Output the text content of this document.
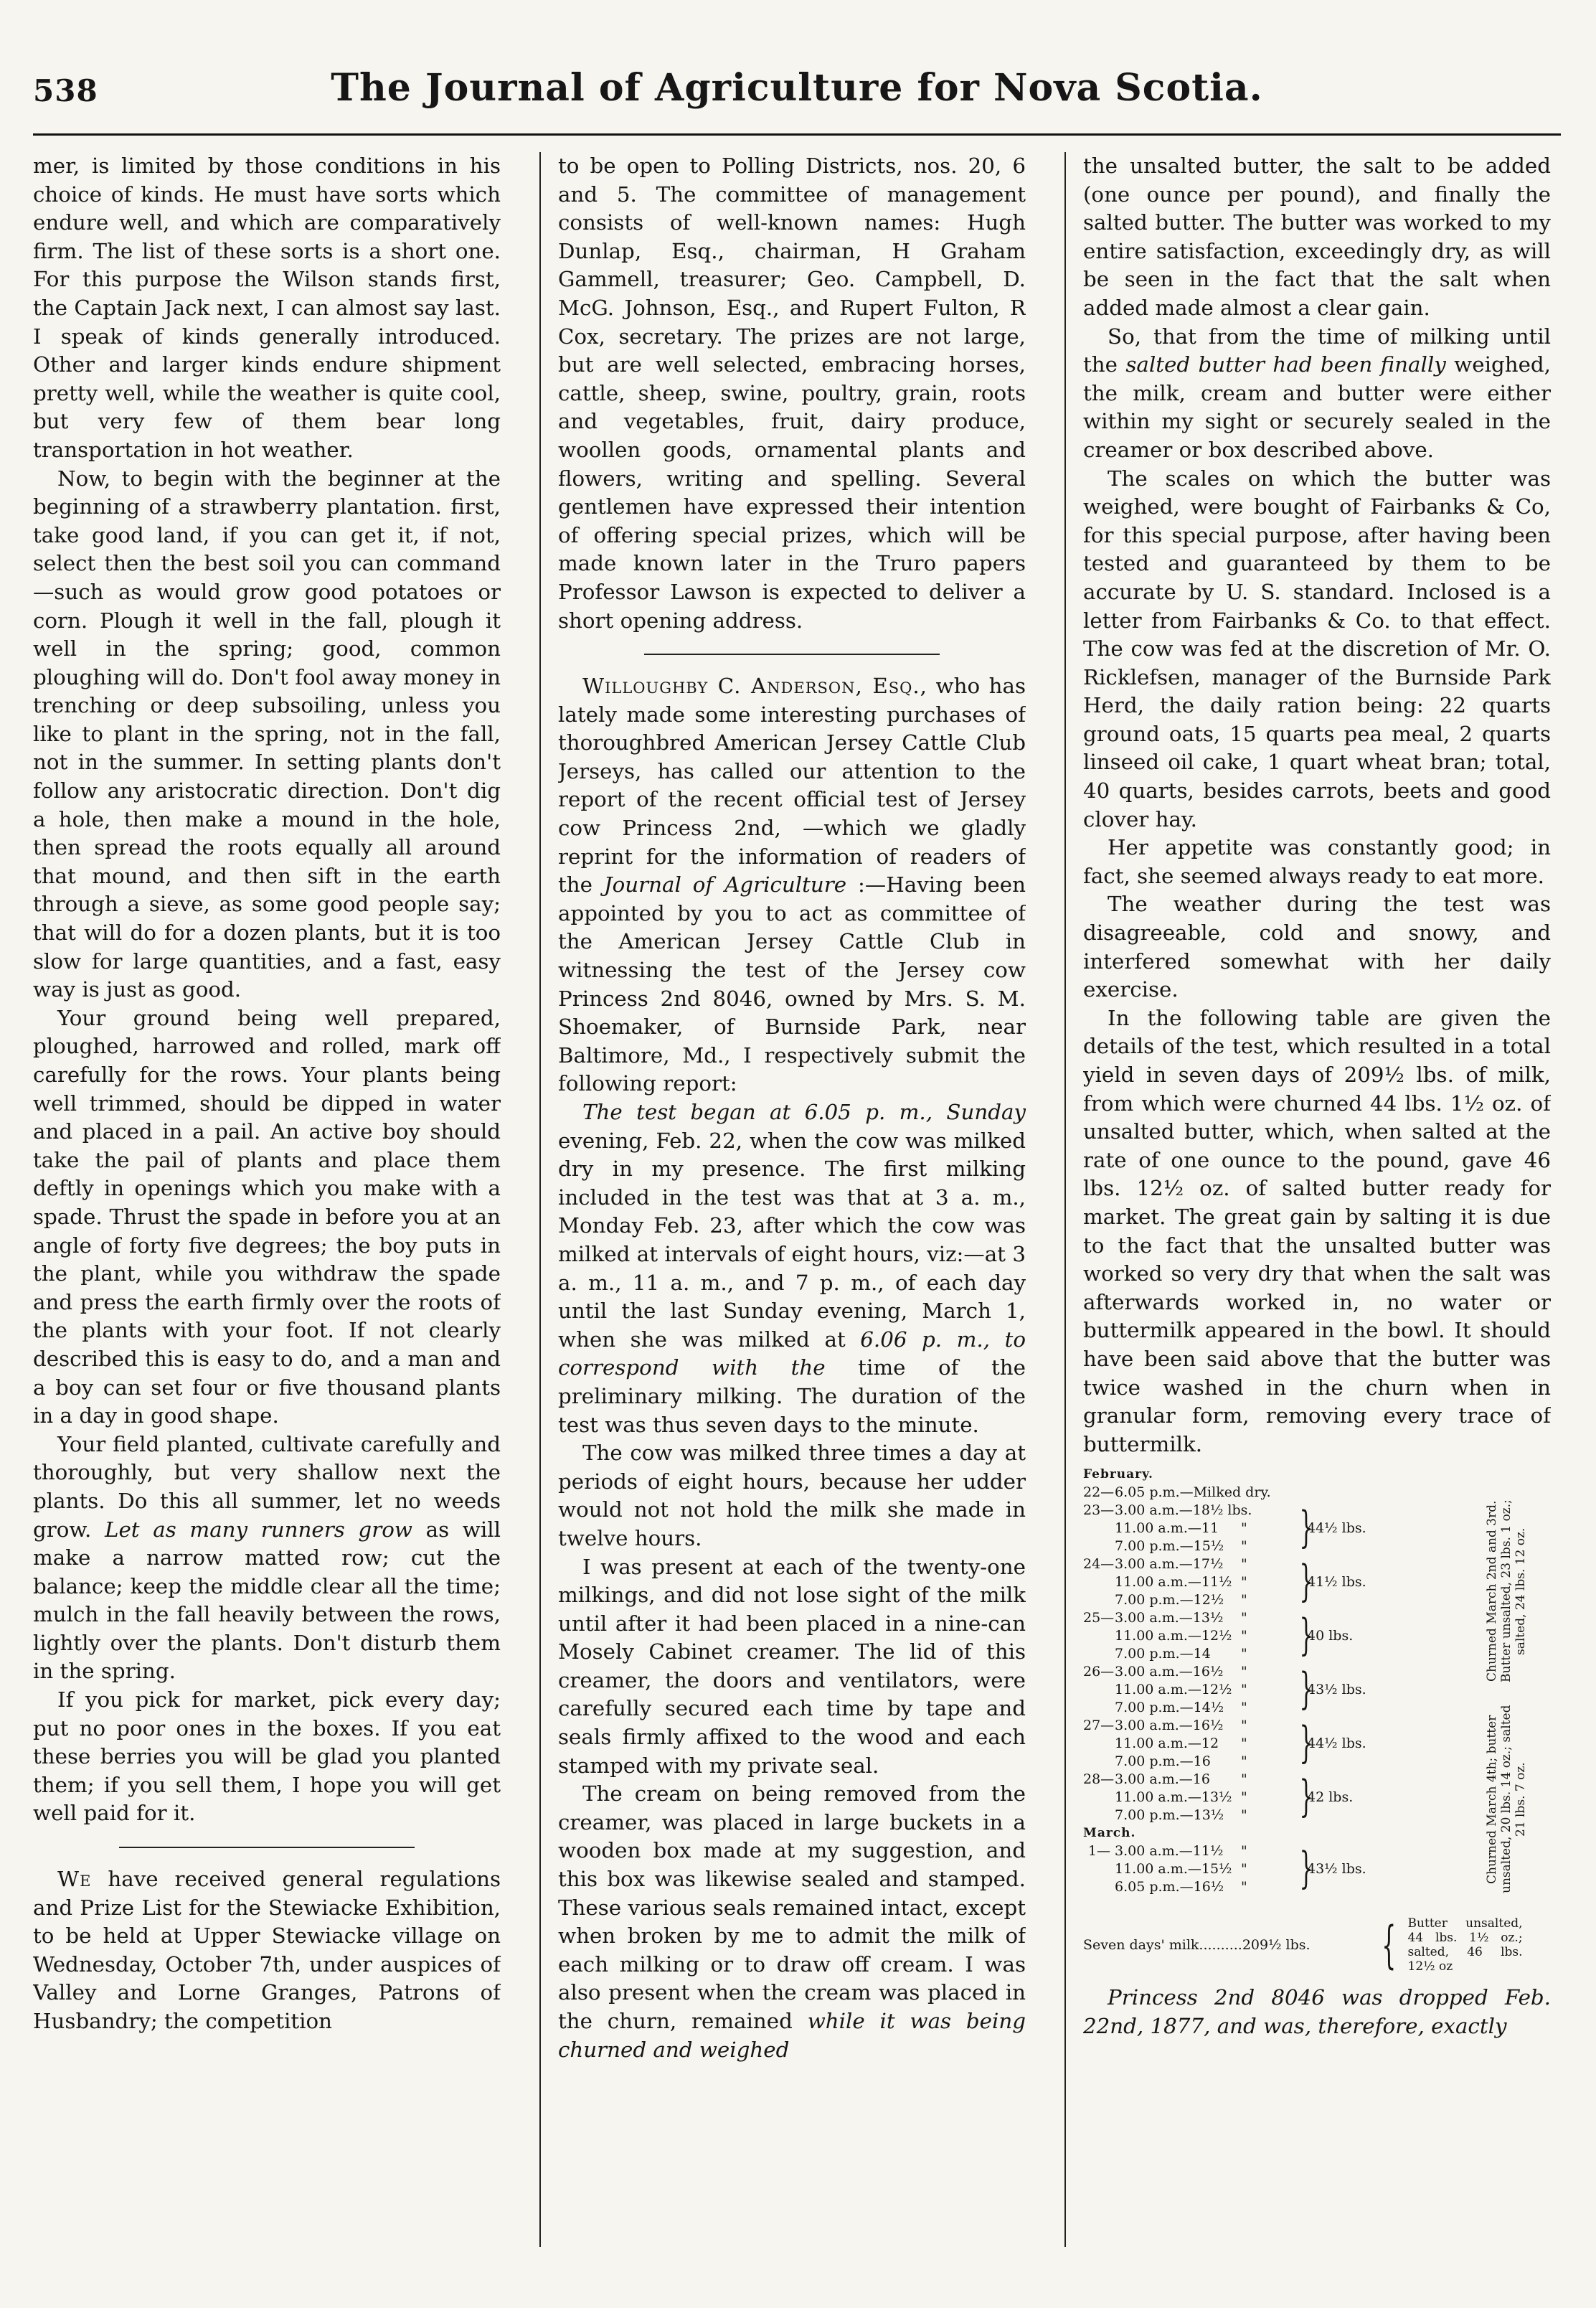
538	The Journal of Agriculture for Nova Scotia.

mer, is limited by those conditions in his choice of kinds. He must have sorts which endure well, and which are comparatively firm. The list of these sorts is a short one. For this purpose the Wilson stands first, the Captain Jack next, I can almost say last. I speak of kinds generally introduced. Other and larger kinds endure shipment pretty well, while the weather is quite cool, but very few of them bear long transportation in hot weather.

Now, to begin with the beginner at the beginning of a strawberry plantation. first, take good land, if you can get it, if not, select then the best soil you can command—such as would grow good potatoes or corn. Plough it well in the fall, plough it well in the spring; good, common ploughing will do. Don't fool away money in trenching or deep subsoiling, unless you like to plant in the spring, not in the fall, not in the summer. In setting plants don't follow any aristocratic direction. Don't dig a hole, then make a mound in the hole, then spread the roots equally all around that mound, and then sift in the earth through a sieve, as some good people say; that will do for a dozen plants, but it is too slow for large quantities, and a fast, easy way is just as good.

Your ground being well prepared, ploughed, harrowed and rolled, mark off carefully for the rows. Your plants being well trimmed, should be dipped in water and placed in a pail. An active boy should take the pail of plants and place them deftly in openings which you make with a spade. Thrust the spade in before you at an angle of forty five degrees; the boy puts in the plant, while you withdraw the spade and press the earth firmly over the roots of the plants with your foot. If not clearly described this is easy to do, and a man and a boy can set four or five thousand plants in a day in good shape.

Your field planted, cultivate carefully and thoroughly, but very shallow next the plants. Do this all summer, let no weeds grow. Let as many runners grow as will make a narrow matted row; cut the balance; keep the middle clear all the time; mulch in the fall heavily between the rows, lightly over the plants. Don't disturb them in the spring.

If you pick for market, pick every day; put no poor ones in the boxes. If you eat these berries you will be glad you planted them; if you sell them, I hope you will get well paid for it.

We have received general regulations and Prize List for the Stewiacke Exhibition, to be held at Upper Stewiacke village on Wednesday, October 7th, under auspices of Valley and Lorne Granges, Patrons of Husbandry; the competition

to be open to Polling Districts, nos. 20, 6 and 5. The committee of management consists of well-known names: Hugh Dunlap, Esq., chairman, H Graham Gammell, treasurer; Geo. Campbell, D. McG. Johnson, Esq., and Rupert Fulton, R Cox, secretary. The prizes are not large, but are well selected, embracing horses, cattle, sheep, swine, poultry, grain, roots and vegetables, fruit, dairy produce, woollen goods, ornamental plants and flowers, writing and spelling. Several gentlemen have expressed their intention of offering special prizes, which will be made known later in the Truro papers Professor Lawson is expected to deliver a short opening address.

Willoughby C. Anderson, Esq., who has lately made some interesting purchases of thoroughbred American Jersey Cattle Club Jerseys, has called our attention to the report of the recent official test of Jersey cow Princess 2nd, —which we gladly reprint for the information of readers of the Journal of Agriculture :—Having been appointed by you to act as committee of the American Jersey Cattle Club in witnessing the test of the Jersey cow Princess 2nd 8046, owned by Mrs. S. M. Shoemaker, of Burnside Park, near Baltimore, Md., I respectively submit the following report:

The test began at 6.05 p. m., Sunday evening, Feb. 22, when the cow was milked dry in my presence. The first milking included in the test was that at 3 a. m., Monday Feb. 23, after which the cow was milked at intervals of eight hours, viz:—at 3 a. m., 11 a. m., and 7 p. m., of each day until the last Sunday evening, March 1, when she was milked at 6.06 p. m., to correspond with the time of the preliminary milking. The duration of the test was thus seven days to the minute.

The cow was milked three times a day at periods of eight hours, because her udder would not not hold the milk she made in twelve hours.

I was present at each of the twenty-one milkings, and did not lose sight of the milk until after it had been placed in a nine-can Mosely Cabinet creamer. The lid of this creamer, the doors and ventilators, were carefully secured each time by tape and seals firmly affixed to the wood and each stamped with my private seal.

The cream on being removed from the creamer, was placed in large buckets in a wooden box made at my suggestion, and this box was likewise sealed and stamped. These various seals remained intact, except when broken by me to admit the milk of each milking or to draw off cream. I was also present when the cream was placed in the churn, remained while it was being churned and weighed

the unsalted butter, the salt to be added (one ounce per pound), and finally the salted butter. The butter was worked to my entire satisfaction, exceedingly dry, as will be seen in the fact that the salt when added made almost a clear gain.

So, that from the time of milking until the salted butter had been finally weighed, the milk, cream and butter were either within my sight or securely sealed in the creamer or box described above.

The scales on which the butter was weighed, were bought of Fairbanks & Co, for this special purpose, after having been tested and guaranteed by them to be accurate by U. S. standard. Inclosed is a letter from Fairbanks & Co. to that effect. The cow was fed at the discretion of Mr. O. Ricklefsen, manager of the Burnside Park Herd, the daily ration being: 22 quarts ground oats, 15 quarts pea meal, 2 quarts linseed oil cake, 1 quart wheat bran; total, 40 quarts, besides carrots, beets and good clover hay.

Her appetite was constantly good; in fact, she seemed always ready to eat more.

The weather during the test was disagreeable, cold and snowy, and interfered somewhat with her daily exercise.

In the following table are given the details of the test, which resulted in a total yield in seven days of 209½ lbs. of milk, from which were churned 44 lbs. 1½ oz. of unsalted butter, which, when salted at the rate of one ounce to the pound, gave 46 lbs. 12½ oz. of salted butter ready for market. The great gain by salting it is due to the fact that the unsalted butter was worked so very dry that when the salt was afterwards worked in, no water or buttermilk appeared in the bowl. It should have been said above that the butter was twice washed in the churn when in granular form, removing every trace of buttermilk.

February.
22—6.05 p.m.—Milked dry.
23—3.00 a.m.—18½ lbs.
11.00 a.m.—11 "
7.00 p.m.—15½ "
24—3.00 a.m.—17½ "
11.00 a.m.—11½ "
7.00 p.m.—12½ "
25—3.00 a.m.—13½ "
11.00 a.m.—12½ "
7.00 p.m.—14 "
26—3.00 a.m.—16½ "
11.00 a.m.—12½ "
7.00 p.m.—14½ "
27—3.00 a.m.—16½ "
11.00 a.m.—12 "
7.00 p.m.—16 "
28—3.00 a.m.—16 "
11.00 a.m.—13½ "
7.00 p.m.—13½ "
March.
1— 3.00 a.m.—11½ "
11.00 a.m.—15½ "
6.05 p.m.—16½ "
}
44½ lbs.
}
41½ lbs.
}
40 lbs.
}
43½ lbs.
}
44½ lbs.
}
42 lbs.
}
43½ lbs.
Churned March 2nd and 3rd. Butter unsalted, 23 lbs. 1 oz.; salted, 24 lbs. 12 oz.
Churned March 4th; butter unsalted, 20 lbs. 14 oz.; salted 21 lbs. 7 oz.
Seven days' milk..........209½ lbs.	{ Butter unsalted, 44 lbs. 1½ oz.; salted, 46 lbs. 12½ oz

Princess 2nd 8046 was dropped Feb. 22nd, 1877, and was, therefore, exactly
